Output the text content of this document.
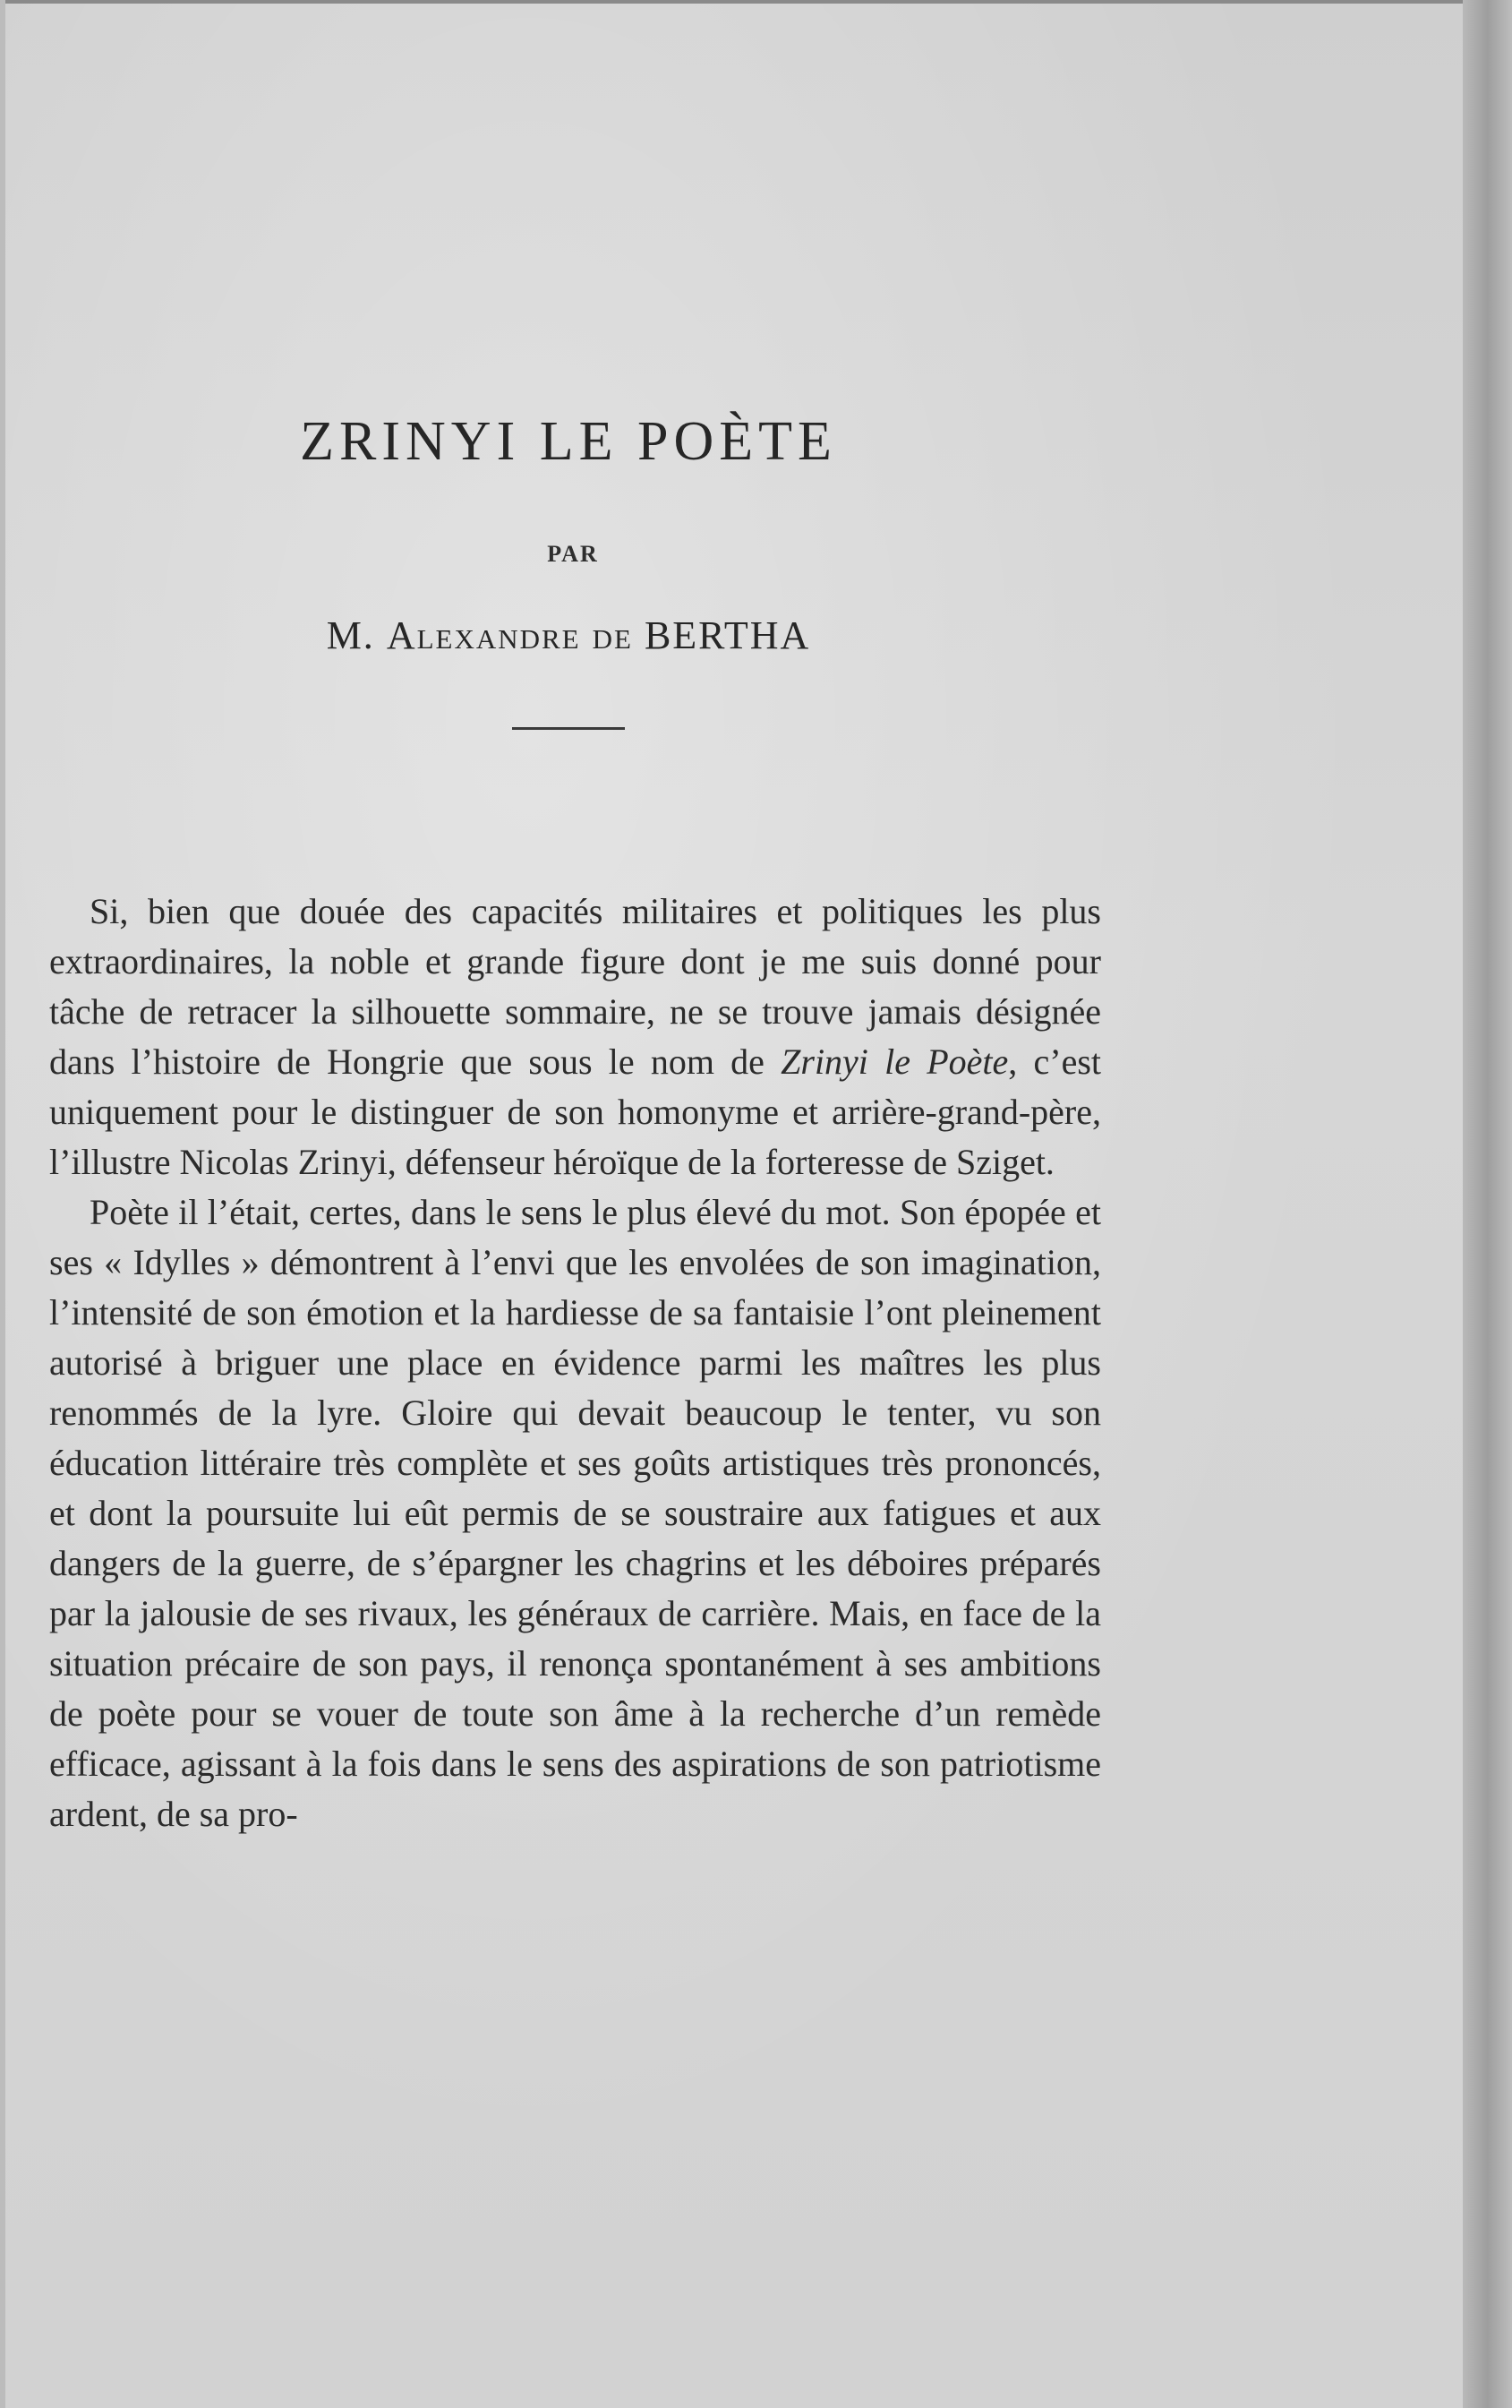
ZRINYI LE POÈTE
PAR
M. Alexandre de BERTHA

Si, bien que douée des capacités militaires et politiques les plus extraordinaires, la noble et grande figure dont je me suis donné pour tâche de retracer la silhouette sommaire, ne se trouve jamais désignée dans l’histoire de Hongrie que sous le nom de Zrinyi le Poète, c’est uniquement pour le distinguer de son homonyme et arrière-grand-père, l’illustre Nicolas Zrinyi, défenseur héroïque de la forteresse de Sziget.

Poète il l’était, certes, dans le sens le plus élevé du mot. Son épopée et ses « Idylles » démontrent à l’envi que les envolées de son imagination, l’intensité de son émotion et la hardiesse de sa fantaisie l’ont pleinement autorisé à briguer une place en évidence parmi les maîtres les plus renommés de la lyre. Gloire qui devait beaucoup le tenter, vu son éducation littéraire très complète et ses goûts artistiques très prononcés, et dont la poursuite lui eût permis de se soustraire aux fatigues et aux dangers de la guerre, de s’épargner les chagrins et les déboires préparés par la jalousie de ses rivaux, les généraux de carrière. Mais, en face de la situation précaire de son pays, il renonça spontanément à ses ambitions de poète pour se vouer de toute son âme à la recherche d’un remède efficace, agissant à la fois dans le sens des aspirations de son patriotisme ardent, de sa pro-
